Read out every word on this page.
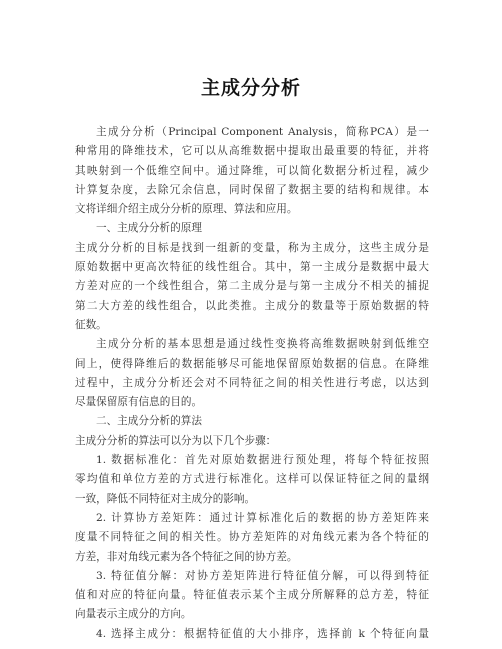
主成分分析
主成分分析（Principal Component Analysis，简称PCA）是一
种常用的降维技术，它可以从高维数据中提取出最重要的特征，并将
其映射到一个低维空间中。通过降维，可以简化数据分析过程，减少
计算复杂度，去除冗余信息，同时保留了数据主要的结构和规律。本
文将详细介绍主成分分析的原理、算法和应用。
一、主成分分析的原理
主成分分析的目标是找到一组新的变量，称为主成分，这些主成分是
原始数据中更高次特征的线性组合。其中，第一主成分是数据中最大
方差对应的一个线性组合，第二主成分是与第一主成分不相关的捕捉
第二大方差的线性组合，以此类推。主成分的数量等于原始数据的特
征数。
主成分分析的基本思想是通过线性变换将高维数据映射到低维空
间上，使得降维后的数据能够尽可能地保留原始数据的信息。在降维
过程中，主成分分析还会对不同特征之间的相关性进行考虑，以达到
尽量保留原有信息的目的。
二、主成分分析的算法
主成分分析的算法可以分为以下几个步骤：
1. 数据标准化：首先对原始数据进行预处理，将每个特征按照
零均值和单位方差的方式进行标准化。这样可以保证特征之间的量纲
一致，降低不同特征对主成分的影响。
2. 计算协方差矩阵：通过计算标准化后的数据的协方差矩阵来
度量不同特征之间的相关性。协方差矩阵的对角线元素为各个特征的
方差，非对角线元素为各个特征之间的协方差。
3. 特征值分解：对协方差矩阵进行特征值分解，可以得到特征
值和对应的特征向量。特征值表示某个主成分所解释的总方差，特征
向量表示主成分的方向。
4. 选择主成分：根据特征值的大小排序，选择前 k 个特征向量
